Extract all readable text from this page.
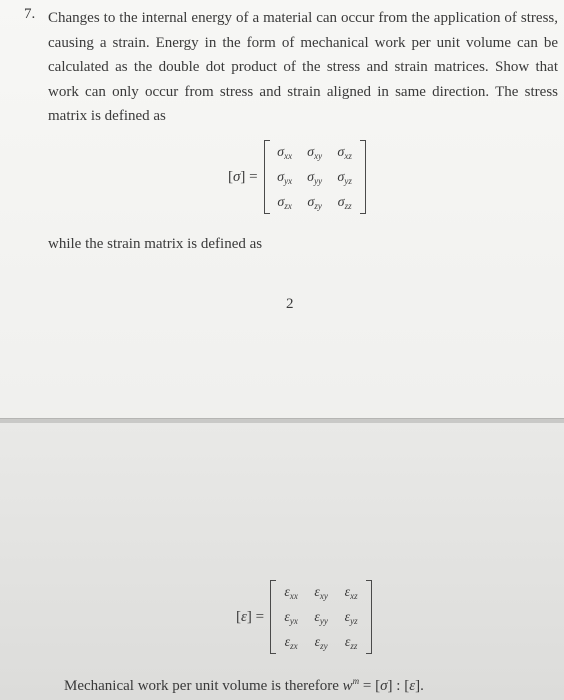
7. Changes to the internal energy of a material can occur from the application of stress, causing a strain. Energy in the form of mechanical work per unit volume can be calculated as the double dot product of the stress and strain matrices. Show that work can only occur from stress and strain aligned in same direction. The stress matrix is defined as
[σ] =
$\sigma_{xx}$	$\sigma_{xy}$	$\sigma_{xz}$
$\sigma_{yx}$	$\sigma_{yy}$	$\sigma_{yz}$
$\sigma_{zx}$	$\sigma_{zy}$	$\sigma_{zz}$
while the strain matrix is defined as
2
[ε] =
$\varepsilon_{xx}$	$\varepsilon_{xy}$	$\varepsilon_{xz}$
$\varepsilon_{yx}$	$\varepsilon_{yy}$	$\varepsilon_{yz}$
$\varepsilon_{zx}$	$\varepsilon_{zy}$	$\varepsilon_{zz}$
Mechanical work per unit volume is therefore $w^m = [\sigma]$ : [ε].
